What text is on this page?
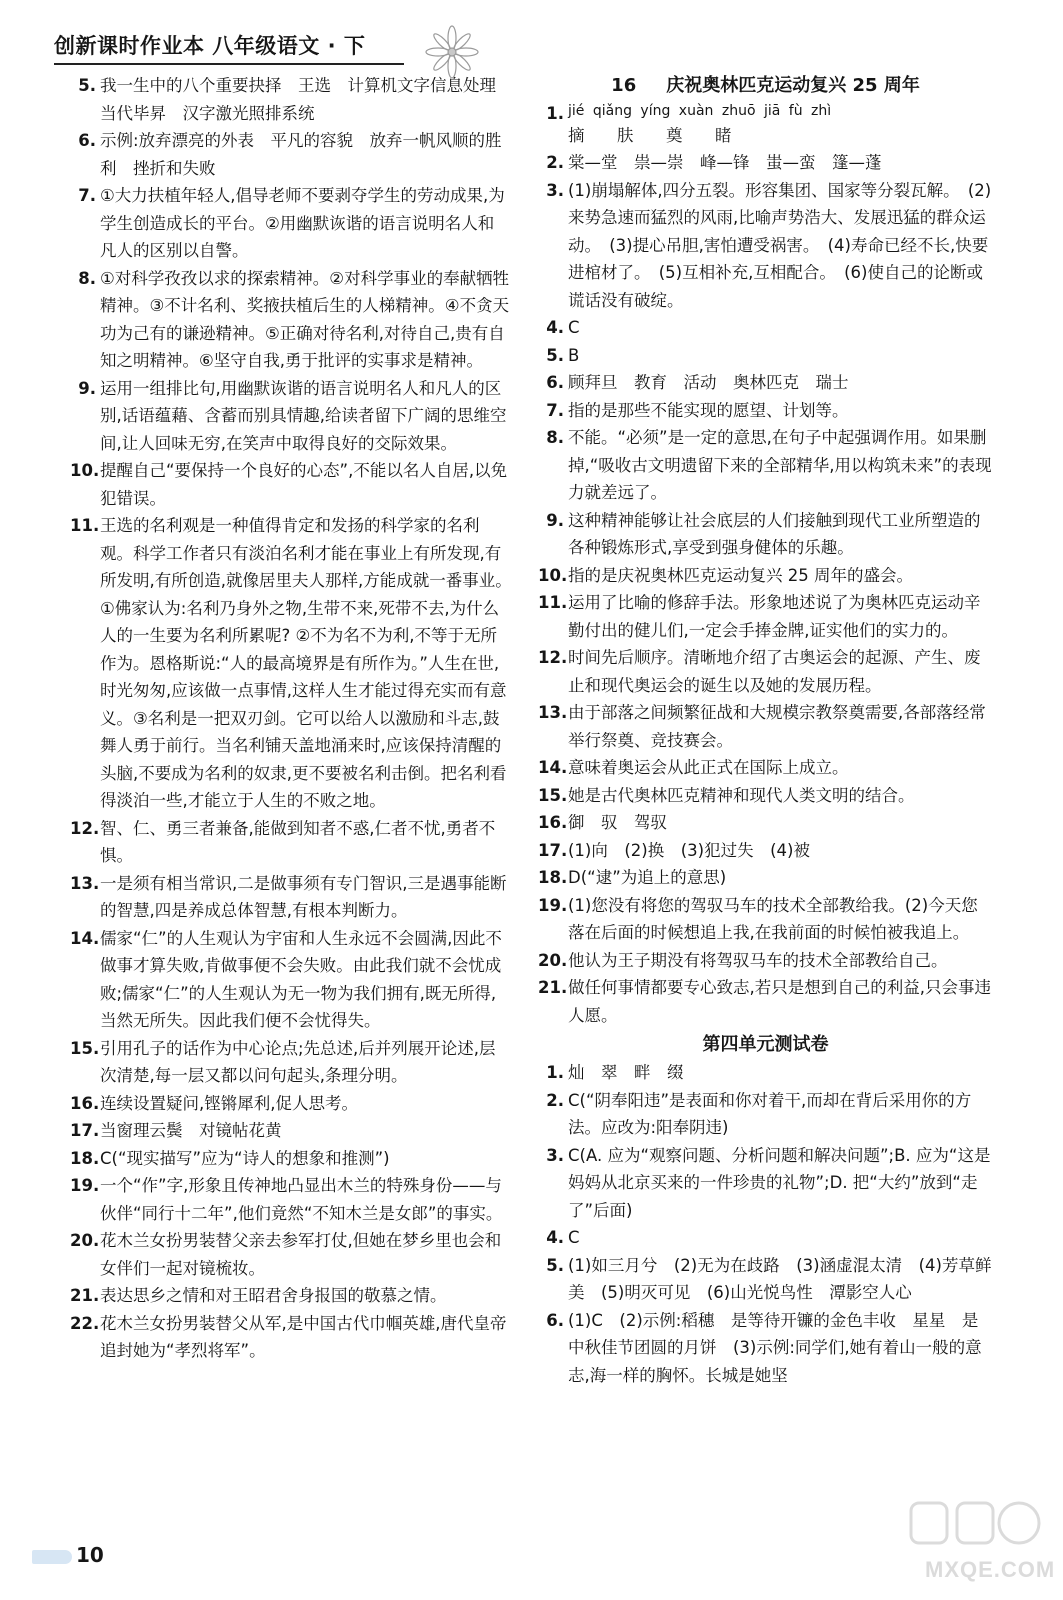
创新课时作业本 八年级语文 · 下
5. 我一生中的八个重要抉择　王选　计算机文字信息处理　当代毕昇　汉字激光照排系统
6. 示例:放弃漂亮的外表　平凡的容貌　放弃一帆风顺的胜利　挫折和失败
7. ①大力扶植年轻人,倡导老师不要剥夺学生的劳动成果,为学生创造成长的平台。②用幽默诙谐的语言说明名人和凡人的区别以自警。
8. ①对科学孜孜以求的探索精神。②对科学事业的奉献牺牲精神。③不计名利、奖掖扶植后生的人梯精神。④不贪天功为己有的谦逊精神。⑤正确对待名利,对待自己,贵有自知之明精神。⑥坚守自我,勇于批评的实事求是精神。
9. 运用一组排比句,用幽默诙谐的语言说明名人和凡人的区别,话语蕴藉、含蓄而别具情趣,给读者留下广阔的思维空间,让人回味无穷,在笑声中取得良好的交际效果。
10. 提醒自己“要保持一个良好的心态”,不能以名人自居,以免犯错误。
11. 王选的名利观是一种值得肯定和发扬的科学家的名利观。科学工作者只有淡泊名利才能在事业上有所发现,有所发明,有所创造,就像居里夫人那样,方能成就一番事业。　①佛家认为:名利乃身外之物,生带不来,死带不去,为什么人的一生要为名利所累呢? ②不为名不为利,不等于无所作为。恩格斯说:“人的最高境界是有所作为。”人生在世,时光匆匆,应该做一点事情,这样人生才能过得充实而有意义。③名利是一把双刃剑。它可以给人以激励和斗志,鼓舞人勇于前行。当名利铺天盖地涌来时,应该保持清醒的头脑,不要成为名利的奴隶,更不要被名利击倒。把名利看得淡泊一些,才能立于人生的不败之地。
12. 智、仁、勇三者兼备,能做到知者不惑,仁者不忧,勇者不惧。
13. 一是须有相当常识,二是做事须有专门智识,三是遇事能断的智慧,四是养成总体智慧,有根本判断力。
14. 儒家“仁”的人生观认为宇宙和人生永远不会圆满,因此不做事才算失败,肯做事便不会失败。由此我们就不会忧成败;儒家“仁”的人生观认为无一物为我们拥有,既无所得,当然无所失。因此我们便不会忧得失。
15. 引用孔子的话作为中心论点;先总述,后并列展开论述,层次清楚,每一层又都以问句起头,条理分明。
16. 连续设置疑问,铿锵犀利,促人思考。
17. 当窗理云鬓　对镜帖花黄
18. C(“现实描写”应为“诗人的想象和推测”)
19. 一个“作”字,形象且传神地凸显出木兰的特殊身份——与伙伴“同行十二年”,他们竟然“不知木兰是女郎”的事实。
20. 花木兰女扮男装替父亲去参军打仗,但她在梦乡里也会和女伴们一起对镜梳妆。
21. 表达思乡之情和对王昭君舍身报国的敬慕之情。
22. 花木兰女扮男装替父从军,是中国古代巾帼英雄,唐代皇帝追封她为“孝烈将军”。
16 庆祝奥林匹克运动复兴 25 周年
1. jié qiǎng yíng xuàn zhuō jiā fù zhì
摘　肤　奠　睹
2. 棠—堂　祟—崇　峰—锋　蚩—蛮　篷—蓬
3. (1)崩塌解体,四分五裂。形容集团、国家等分裂瓦解。　(2)来势急速而猛烈的风雨,比喻声势浩大、发展迅猛的群众运动。　(3)提心吊胆,害怕遭受祸害。　(4)寿命已经不长,快要进棺材了。　(5)互相补充,互相配合。　(6)使自己的论断或谎话没有破绽。
4. C
5. B
6. 顾拜旦　教育　活动　奥林匹克　瑞士
7. 指的是那些不能实现的愿望、计划等。
8. 不能。“必须”是一定的意思,在句子中起强调作用。如果删掉,“吸收古文明遗留下来的全部精华,用以构筑未来”的表现力就差远了。
9. 这种精神能够让社会底层的人们接触到现代工业所塑造的各种锻炼形式,享受到强身健体的乐趣。
10. 指的是庆祝奥林匹克运动复兴 25 周年的盛会。
11. 运用了比喻的修辞手法。形象地述说了为奥林匹克运动辛勤付出的健儿们,一定会手捧金牌,证实他们的实力的。
12. 时间先后顺序。清晰地介绍了古奥运会的起源、产生、废止和现代奥运会的诞生以及她的发展历程。
13. 由于部落之间频繁征战和大规模宗教祭奠需要,各部落经常举行祭奠、竞技赛会。
14. 意味着奥运会从此正式在国际上成立。
15. 她是古代奥林匹克精神和现代人类文明的结合。
16. 御　驭　驾驭
17. (1)向　(2)换　(3)犯过失　(4)被
18. D(“逮”为追上的意思)
19. (1)您没有将您的驾驭马车的技术全部教给我。(2)今天您落在后面的时候想追上我,在我前面的时候怕被我追上。
20. 他认为王子期没有将驾驭马车的技术全部教给自己。
21. 做任何事情都要专心致志,若只是想到自己的利益,只会事违人愿。
第四单元测试卷
1. 灿　翠　畔　缀
2. C(“阴奉阳违”是表面和你对着干,而却在背后采用你的方法。应改为:阳奉阴违)
3. C(A. 应为“观察问题、分析问题和解决问题”;B. 应为“这是妈妈从北京买来的一件珍贵的礼物”;D. 把“大约”放到“走了”后面)
4. C
5. (1)如三月兮　(2)无为在歧路　(3)涵虚混太清　(4)芳草鲜美　(5)明灭可见　(6)山光悦鸟性　潭影空人心
6. (1)C　(2)示例:稻穗　是等待开镰的金色丰收　星星　是中秋佳节团圆的月饼　(3)示例:同学们,她有着山一般的意志,海一样的胸怀。长城是她坚
10
MXQE.COM
